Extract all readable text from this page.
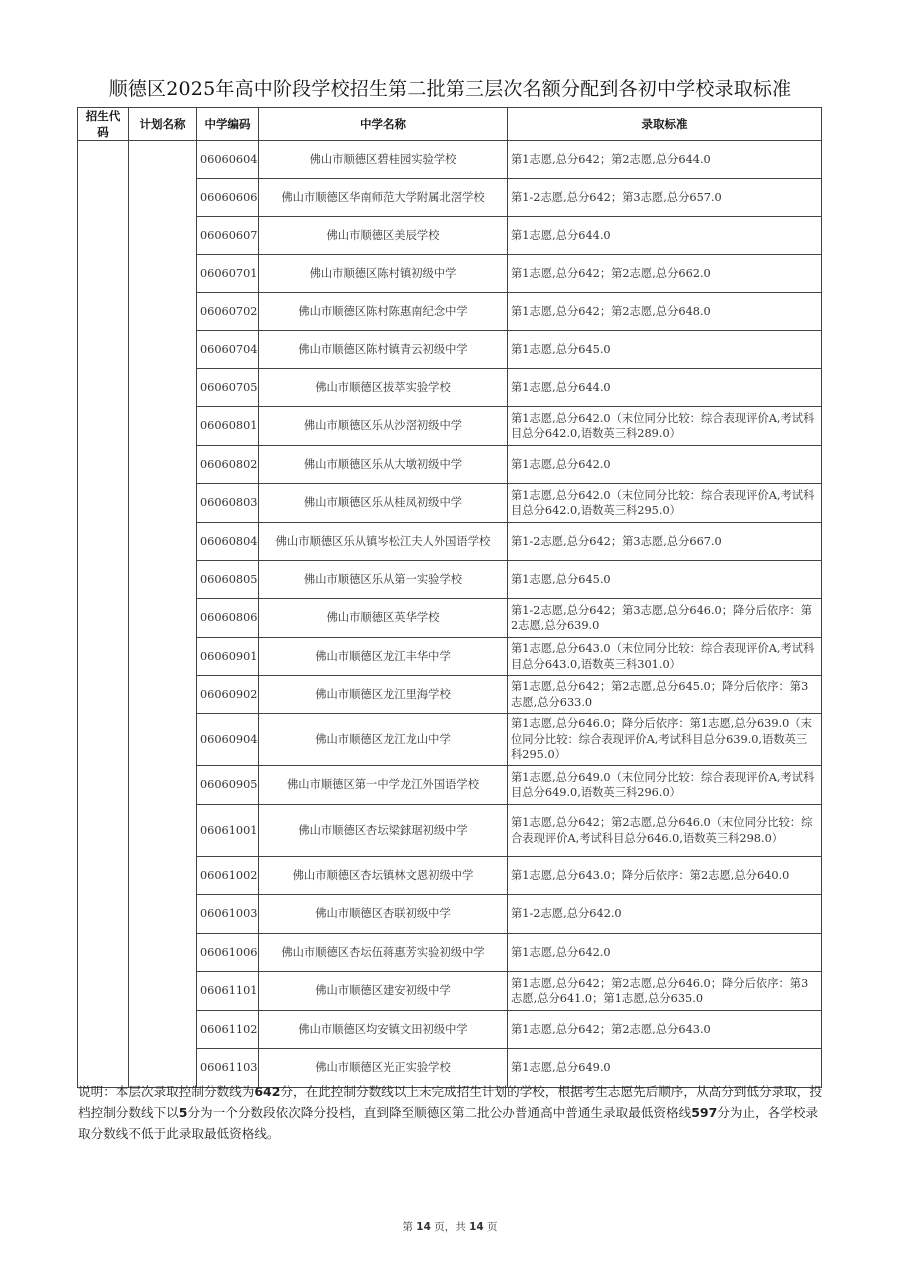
顺德区2025年高中阶段学校招生第二批第三层次名额分配到各初中学校录取标准
招生代码	计划名称	中学编码	中学名称	录取标准
		06060604	佛山市顺德区碧桂园实验学校	第1志愿,总分642；第2志愿,总分644.0
		06060606	佛山市顺德区华南师范大学附属北滘学校	第1-2志愿,总分642；第3志愿,总分657.0
		06060607	佛山市顺德区美辰学校	第1志愿,总分644.0
		06060701	佛山市顺德区陈村镇初级中学	第1志愿,总分642；第2志愿,总分662.0
		06060702	佛山市顺德区陈村陈惠南纪念中学	第1志愿,总分642；第2志愿,总分648.0
		06060704	佛山市顺德区陈村镇青云初级中学	第1志愿,总分645.0
		06060705	佛山市顺德区拔萃实验学校	第1志愿,总分644.0
		06060801	佛山市顺德区乐从沙滘初级中学	第1志愿,总分642.0（末位同分比较：综合表现评价A,考试科目总分642.0,语数英三科289.0）
		06060802	佛山市顺德区乐从大墩初级中学	第1志愿,总分642.0
		06060803	佛山市顺德区乐从桂凤初级中学	第1志愿,总分642.0（末位同分比较：综合表现评价A,考试科目总分642.0,语数英三科295.0）
		06060804	佛山市顺德区乐从镇岑松江夫人外国语学校	第1-2志愿,总分642；第3志愿,总分667.0
		06060805	佛山市顺德区乐从第一实验学校	第1志愿,总分645.0
		06060806	佛山市顺德区英华学校	第1-2志愿,总分642；第3志愿,总分646.0；降分后依序：第2志愿,总分639.0
		06060901	佛山市顺德区龙江丰华中学	第1志愿,总分643.0（末位同分比较：综合表现评价A,考试科目总分643.0,语数英三科301.0）
		06060902	佛山市顺德区龙江里海学校	第1志愿,总分642；第2志愿,总分645.0；降分后依序：第3志愿,总分633.0
		06060904	佛山市顺德区龙江龙山中学	第1志愿,总分646.0；降分后依序：第1志愿,总分639.0（末位同分比较：综合表现评价A,考试科目总分639.0,语数英三科295.0）
		06060905	佛山市顺德区第一中学龙江外国语学校	第1志愿,总分649.0（末位同分比较：综合表现评价A,考试科目总分649.0,语数英三科296.0）
		06061001	佛山市顺德区杏坛梁銶琚初级中学	第1志愿,总分642；第2志愿,总分646.0（末位同分比较：综合表现评价A,考试科目总分646.0,语数英三科298.0）
		06061002	佛山市顺德区杏坛镇林文恩初级中学	第1志愿,总分643.0；降分后依序：第2志愿,总分640.0
		06061003	佛山市顺德区杏联初级中学	第1-2志愿,总分642.0
		06061006	佛山市顺德区杏坛伍蒋惠芳实验初级中学	第1志愿,总分642.0
		06061101	佛山市顺德区建安初级中学	第1志愿,总分642；第2志愿,总分646.0；降分后依序：第3志愿,总分641.0；第1志愿,总分635.0
		06061102	佛山市顺德区均安镇文田初级中学	第1志愿,总分642；第2志愿,总分643.0
		06061103	佛山市顺德区光正实验学校	第1志愿,总分649.0
说明：本层次录取控制分数线为642分，在此控制分数线以上未完成招生计划的学校，根据考生志愿先后顺序，从高分到低分录取，投档控制分数线下以5分为一个分数段依次降分投档，直到降至顺德区第二批公办普通高中普通生录取最低资格线597分为止，各学校录取分数线不低于此录取最低资格线。
第 14 页，共 14 页
